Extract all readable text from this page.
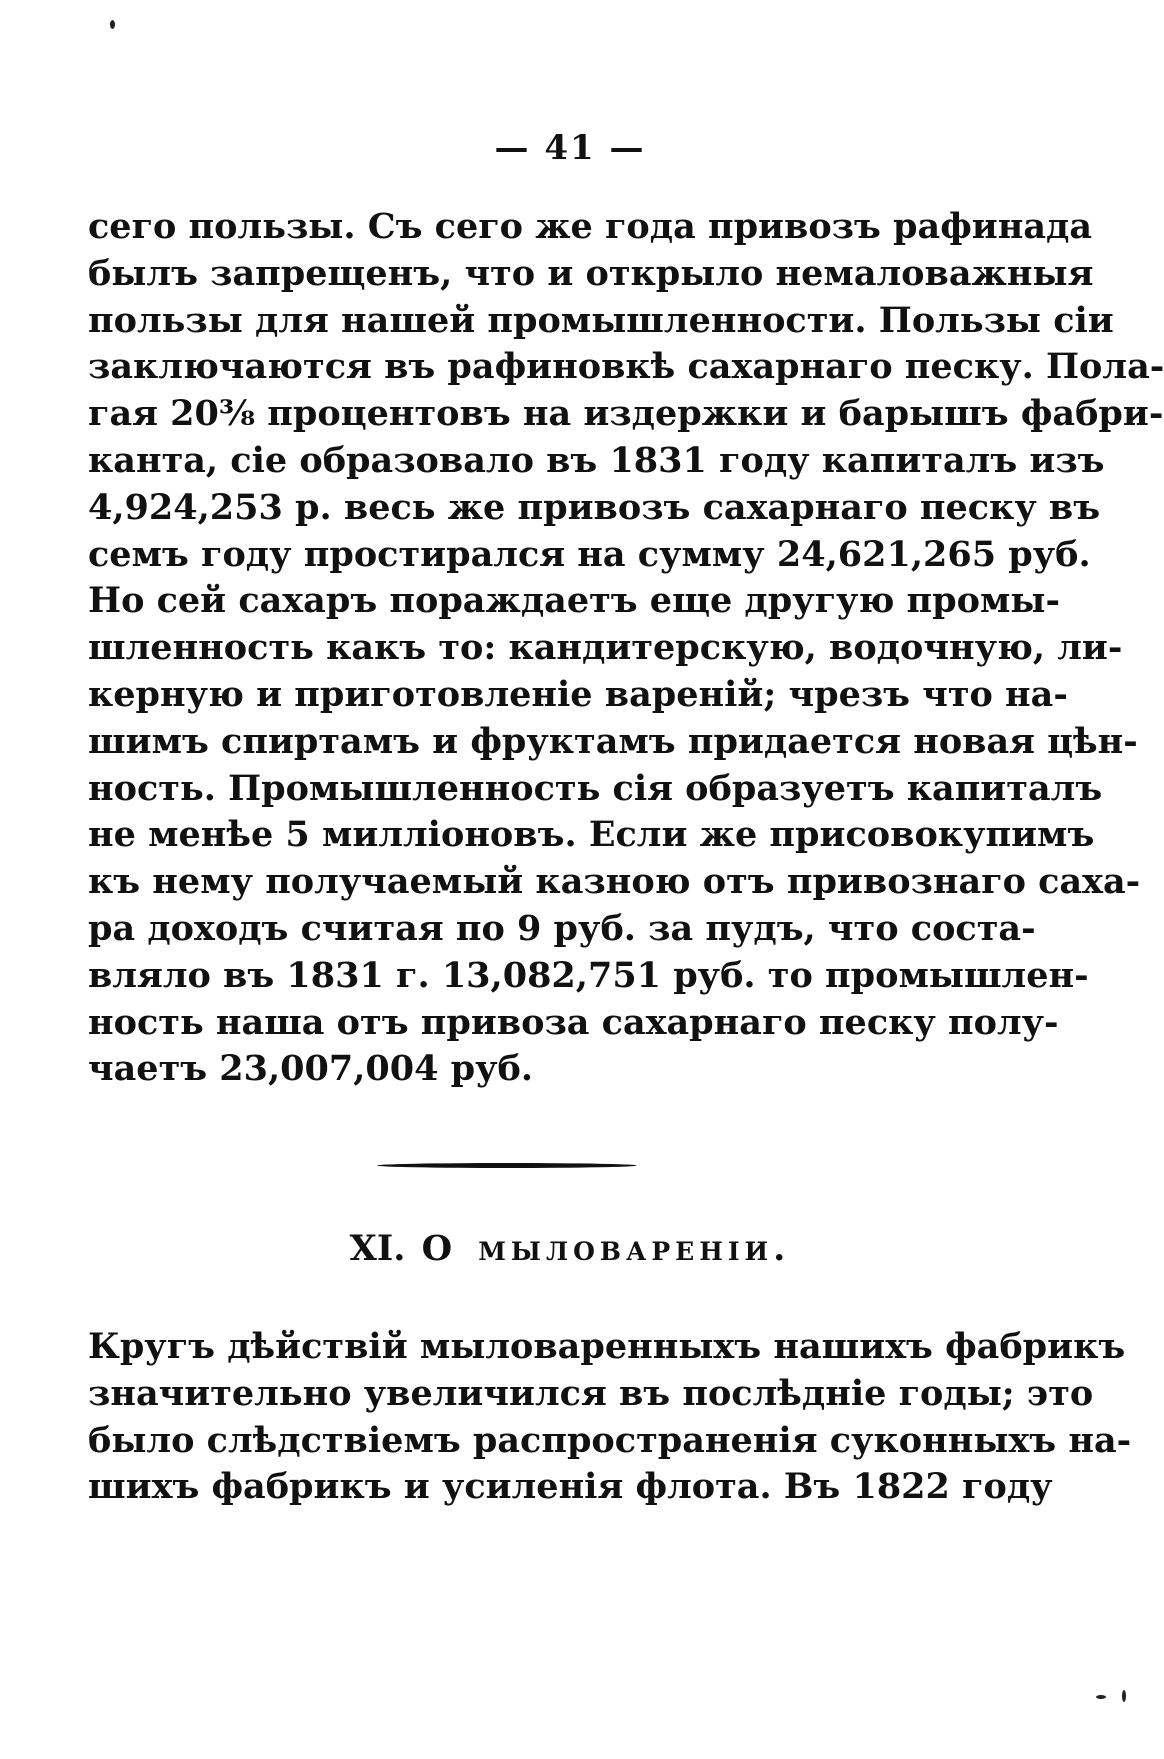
— 41 —
сего пользы. Съ сего же года привозъ рафинада
былъ запрещенъ, что и открыло немаловажныя
пользы для нашей промышленности. Пользы сіи
заключаются въ рафиновкѣ сахарнаго песку. Пола-
гая 20⅜ процентовъ на издержки и барышъ фабри-
канта, сіе образовало въ 1831 году капиталъ изъ
4,924,253 р. весь же привозъ сахарнаго песку въ
семъ году простирался на сумму 24,621,265 руб.
Но сей сахаръ пораждаетъ еще другую промы-
шленность какъ то: кандитерскую, водочную, ли-
керную и приготовленіе вареній; чрезъ что на-
шимъ спиртамъ и фруктамъ придается новая цѣн-
ность. Промышленность сія образуетъ капиталъ
не менѣе 5 милліоновъ. Если же присовокупимъ
къ нему получаемый казною отъ привознаго саха-
ра доходъ считая по 9 руб. за пудъ, что соста-
вляло въ 1831 г. 13,082,751 руб. то промышлен-
ность наша отъ привоза сахарнаго песку полу-
чаетъ 23,007,004 руб.
XI. О мыловареніи.
Кругъ дѣйствій мыловаренныхъ нашихъ фабрикъ
значительно увеличился въ послѣдніе годы; это
было слѣдствіемъ распространенія суконныхъ на-
шихъ фабрикъ и усиленія флота. Въ 1822 году
